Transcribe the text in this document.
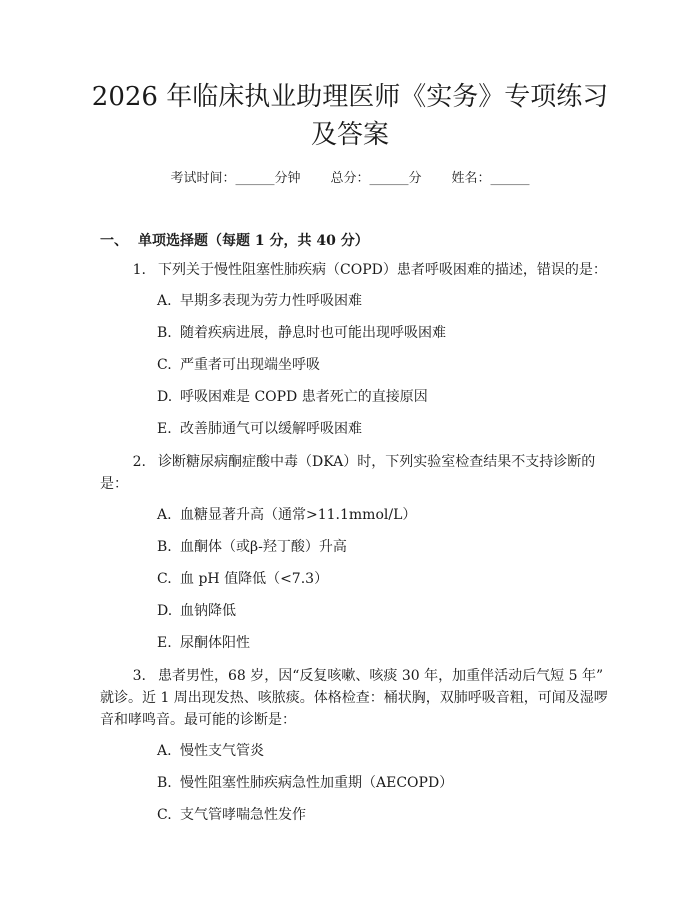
2026 年临床执业助理医师《实务》专项练习
及答案
考试时间：______分钟 总分：______分 姓名：______
一、 单项选择题（每题 1 分，共 40 分）
1. 下列关于慢性阻塞性肺疾病（COPD）患者呼吸困难的描述，错误的是：
A. 早期多表现为劳力性呼吸困难
B. 随着疾病进展，静息时也可能出现呼吸困难
C. 严重者可出现端坐呼吸
D. 呼吸困难是 COPD 患者死亡的直接原因
E. 改善肺通气可以缓解呼吸困难
2. 诊断糖尿病酮症酸中毒（DKA）时，下列实验室检查结果不支持诊断的
是：
A. 血糖显著升高（通常>11.1mmol/L）
B. 血酮体（或β-羟丁酸）升高
C. 血 pH 值降低（<7.3）
D. 血钠降低
E. 尿酮体阳性
3. 患者男性，68 岁，因“反复咳嗽、咳痰 30 年，加重伴活动后气短 5 年”
就诊。近 1 周出现发热、咳脓痰。体格检查：桶状胸，双肺呼吸音粗，可闻及湿啰
音和哮鸣音。最可能的诊断是：
A. 慢性支气管炎
B. 慢性阻塞性肺疾病急性加重期（AECOPD）
C. 支气管哮喘急性发作
